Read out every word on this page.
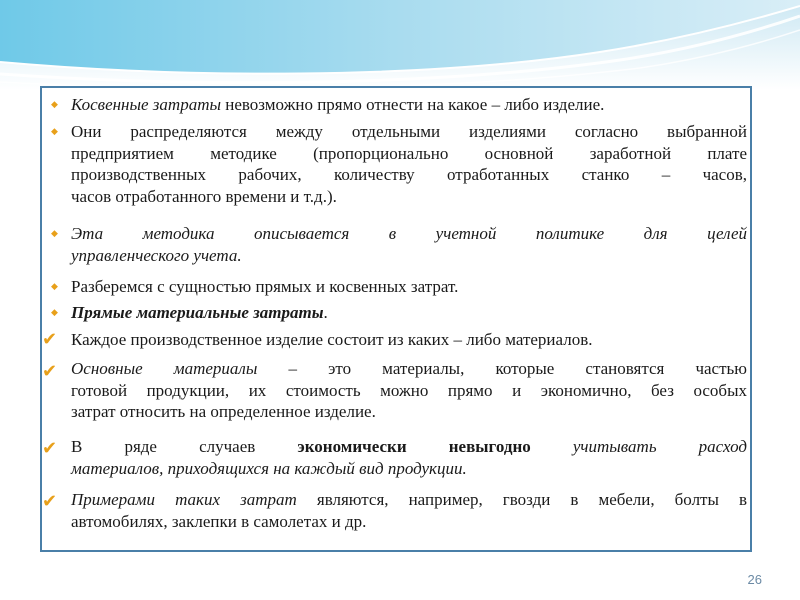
◆ Косвенные затраты невозможно прямо отнести на какое – либо изделие.
◆ Они распределяются между отдельными изделиями согласно выбранной
предприятием методике (пропорционально основной заработной плате
производственных рабочих, количеству отработанных станко – часов,
часов отработанного времени и т.д.).
◆ Эта методика описывается в учетной политике для целей
управленческого учета.
◆ Разберемся с сущностью прямых и косвенных затрат.
◆ Прямые материальные затраты.
✔ Каждое производственное изделие состоит из каких – либо материалов.
✔ Основные материалы – это материалы, которые становятся частью
готовой продукции, их стоимость можно прямо и экономично, без особых
затрат относить на определенное изделие.
✔ В ряде случаев экономически невыгодно учитывать расход
материалов, приходящихся на каждый вид продукции.
✔ Примерами таких затрат являются, например, гвозди в мебели, болты в
автомобилях, заклепки в самолетах и др.
26
